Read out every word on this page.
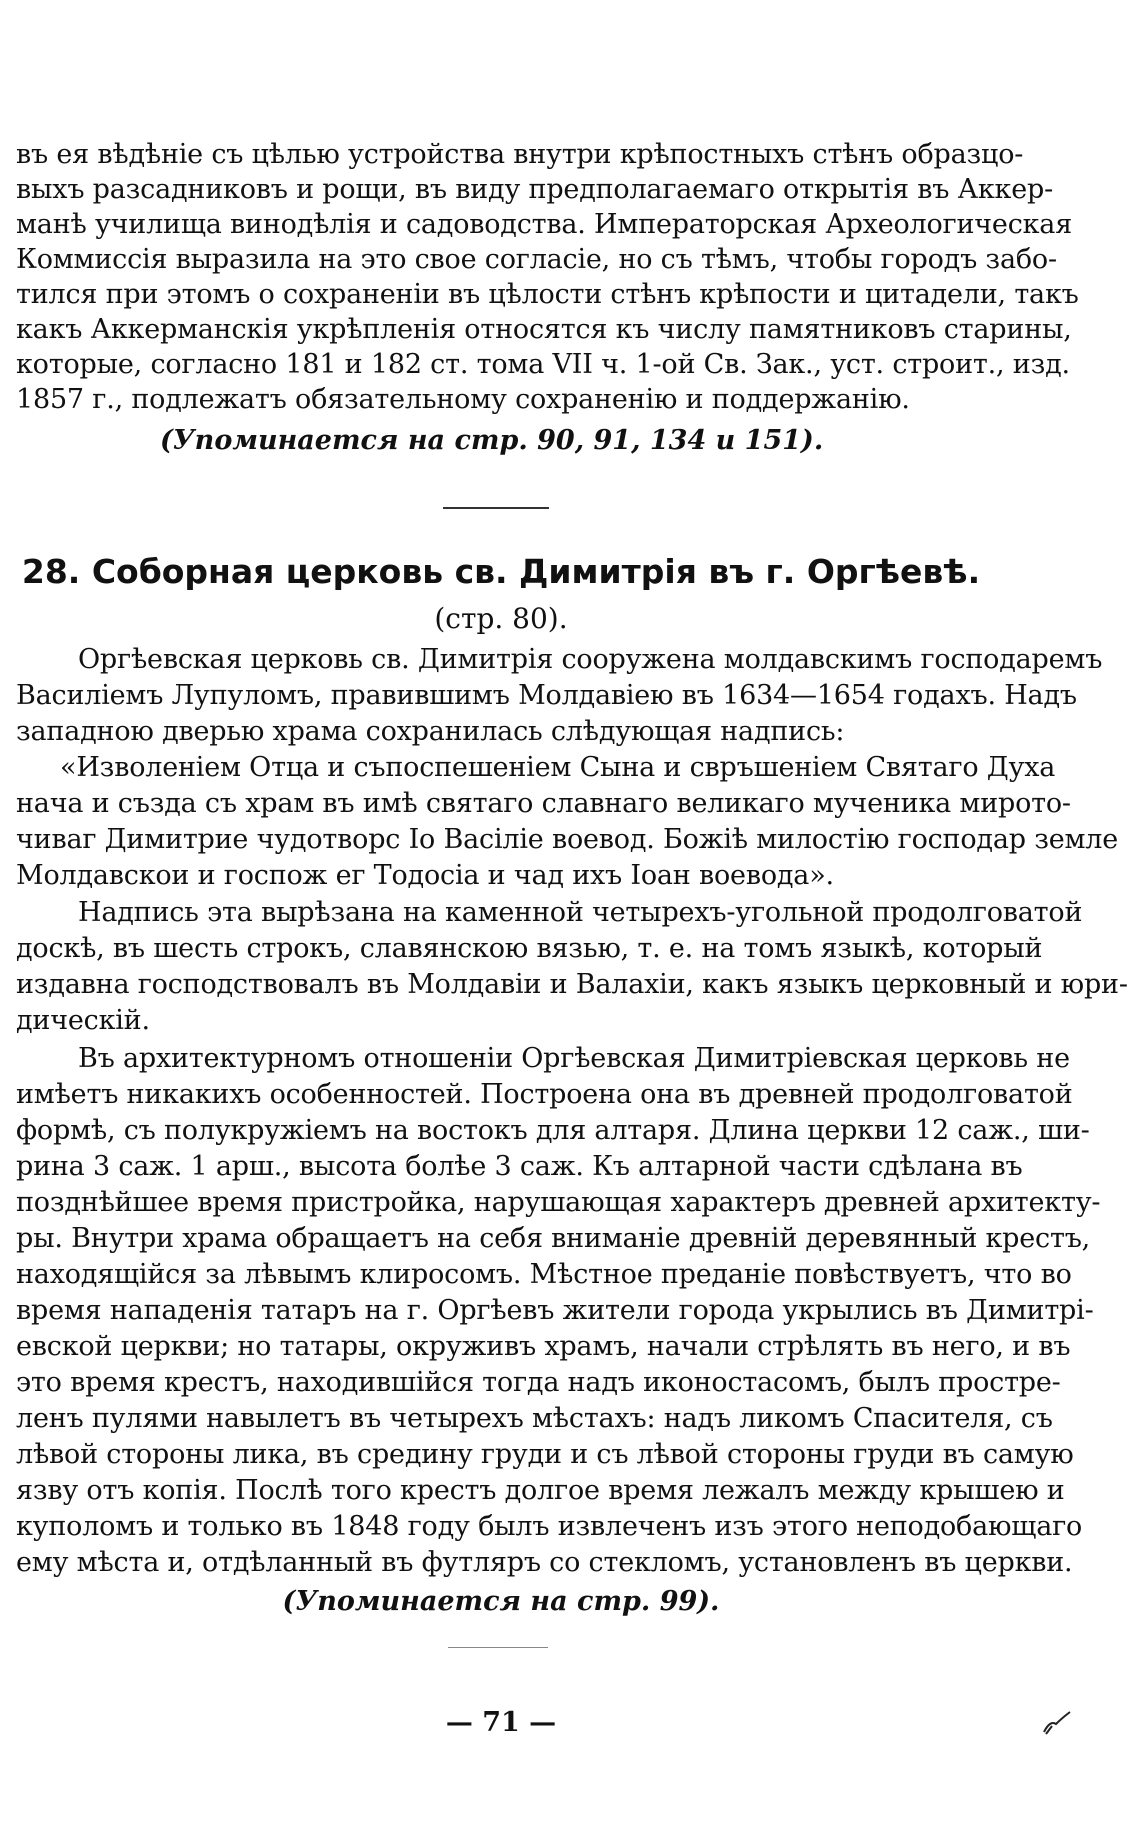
въ ея вѣдѣніе съ цѣлью устройства внутри крѣпостныхъ стѣнъ образцо-
выхъ разсадниковъ и рощи, въ виду предполагаемаго открытія въ Аккер-
манѣ училища винодѣлія и садоводства. Императорская Археологическая
Коммиссія выразила на это свое согласіе, но съ тѣмъ, чтобы городъ забо-
тился при этомъ о сохраненіи въ цѣлости стѣнъ крѣпости и цитадели, такъ
какъ Аккерманскія укрѣпленія относятся къ числу памятниковъ старины,
которые, согласно 181 и 182 ст. тома VII ч. 1-ой Св. Зак., уст. строит., изд.
1857 г., подлежатъ обязательному сохраненію и поддержанію.
(Упоминается на стр. 90, 91, 134 и 151).
28. Соборная церковь св. Димитрія въ г. Оргѣевѣ.
(стр. 80).
Оргѣевская церковь св. Димитрія сооружена молдавскимъ господаремъ
Василіемъ Лупуломъ, правившимъ Молдавіею въ 1634—1654 годахъ. Надъ
западною дверью храма сохранилась слѣдующая надпись:
«Изволеніем Отца и съпоспешеніем Сына и свръшеніем Святаго Духа
нача и създа съ храм въ имѣ святаго славнаго великаго мученика мирото-
чиваг Димитрие чудотворс Іо Васіліе воевод. Божіѣ милостію господар земле
Молдавскои и госпож ег Тодосіа и чад ихъ Іоан воевода».
Надпись эта вырѣзана на каменной четырехъ-угольной продолговатой
доскѣ, въ шесть строкъ, славянскою вязью, т. е. на томъ языкѣ, который
издавна господствовалъ въ Молдавіи и Валахіи, какъ языкъ церковный и юри-
дическій.
Въ архитектурномъ отношеніи Оргѣевская Димитріевская церковь не
имѣетъ никакихъ особенностей. Построена она въ древней продолговатой
формѣ, съ полукружіемъ на востокъ для алтаря. Длина церкви 12 саж., ши-
рина 3 саж. 1 арш., высота болѣе 3 саж. Къ алтарной части сдѣлана въ
позднѣйшее время пристройка, нарушающая характеръ древней архитекту-
ры. Внутри храма обращаетъ на себя вниманіе древній деревянный крестъ,
находящійся за лѣвымъ клиросомъ. Мѣстное преданіе повѣствуетъ, что во
время нападенія татаръ на г. Оргѣевъ жители города укрылись въ Димитрі-
евской церкви; но татары, окруживъ храмъ, начали стрѣлять въ него, и въ
это время крестъ, находившійся тогда надъ иконостасомъ, былъ простре-
ленъ пулями навылетъ въ четырехъ мѣстахъ: надъ ликомъ Спасителя, съ
лѣвой стороны лика, въ средину груди и съ лѣвой стороны груди въ самую
язву отъ копія. Послѣ того крестъ долгое время лежалъ между крышею и
куполомъ и только въ 1848 году былъ извлеченъ изъ этого неподобающаго
ему мѣста и, отдѣланный въ футляръ со стекломъ, установленъ въ церкви.
(Упоминается на стр. 99).
— 71 —
